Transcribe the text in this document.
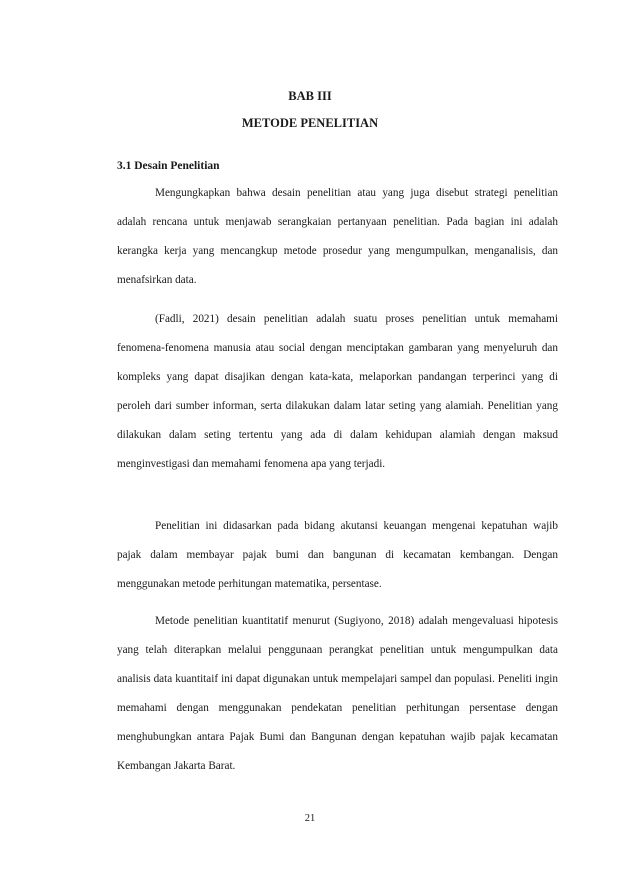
BAB III
METODE PENELITIAN
3.1 Desain Penelitian

Mengungkapkan bahwa desain penelitian atau yang juga disebut strategi penelitian adalah rencana untuk menjawab serangkaian pertanyaan penelitian. Pada bagian ini adalah kerangka kerja yang mencangkup metode prosedur yang mengumpulkan, menganalisis, dan menafsirkan data.

(Fadli, 2021) desain penelitian adalah suatu proses penelitian untuk memahami fenomena-fenomena manusia atau social dengan menciptakan gambaran yang menyeluruh dan kompleks yang dapat disajikan dengan kata-kata, melaporkan pandangan terperinci yang di peroleh dari sumber informan, serta dilakukan dalam latar seting yang alamiah. Penelitian yang dilakukan dalam seting tertentu yang ada di dalam kehidupan alamiah dengan maksud menginvestigasi dan memahami fenomena apa yang terjadi.

Penelitian ini didasarkan pada bidang akutansi keuangan mengenai kepatuhan wajib pajak dalam membayar pajak bumi dan bangunan di kecamatan kembangan. Dengan menggunakan metode perhitungan matematika, persentase.

Metode penelitian kuantitatif menurut (Sugiyono, 2018) adalah mengevaluasi hipotesis yang telah diterapkan melalui penggunaan perangkat penelitian untuk mengumpulkan data analisis data kuantitaif ini dapat digunakan untuk mempelajari sampel dan populasi. Peneliti ingin memahami dengan menggunakan pendekatan penelitian perhitungan persentase dengan menghubungkan antara Pajak Bumi dan Bangunan dengan kepatuhan wajib pajak kecamatan Kembangan Jakarta Barat.

21
